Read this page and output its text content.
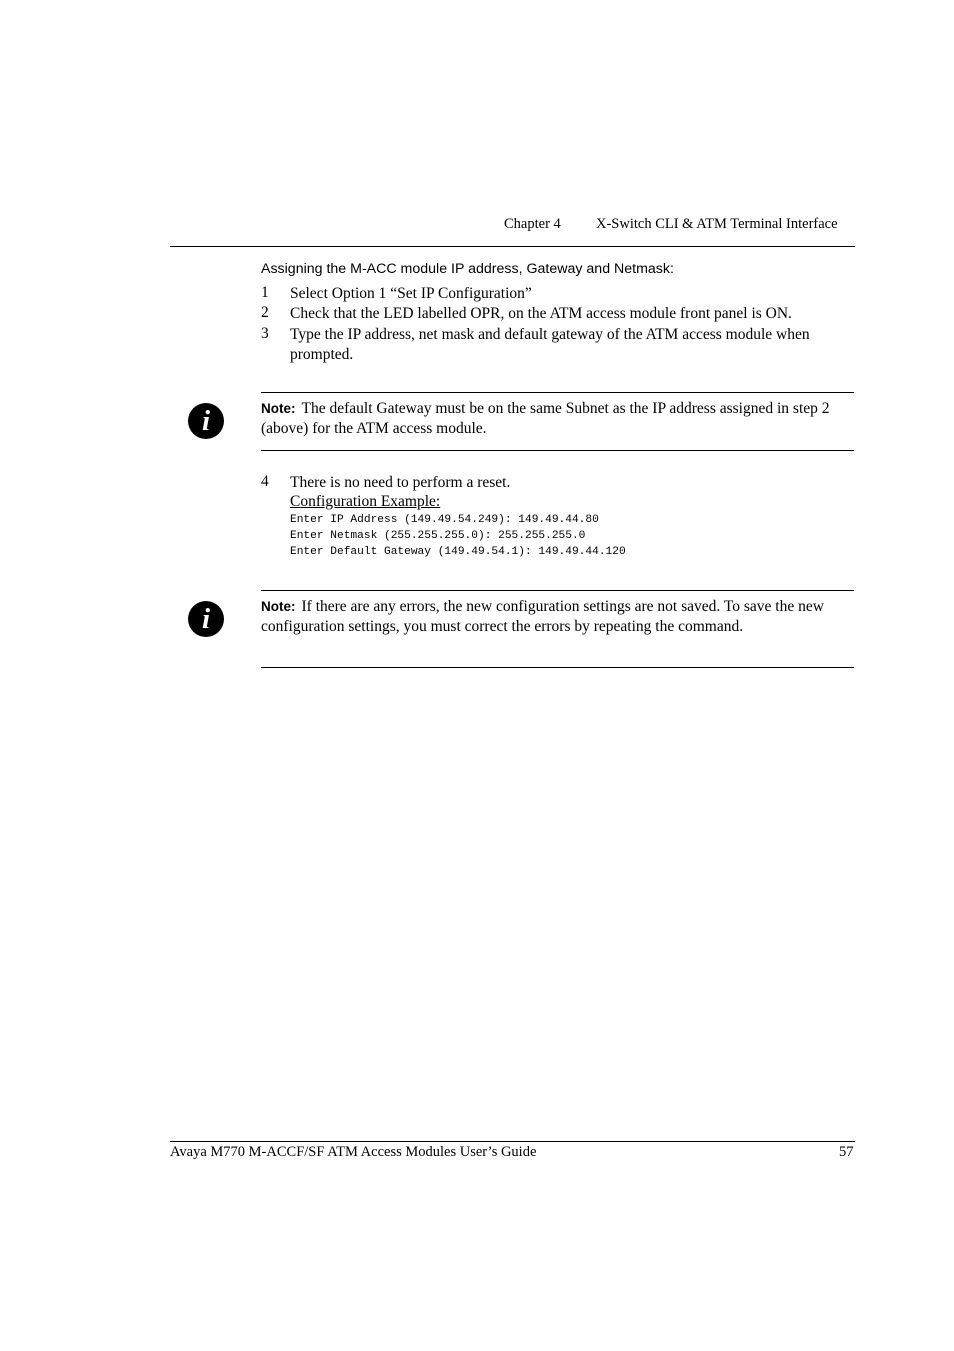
Chapter 4 X-Switch CLI & ATM Terminal Interface
Assigning the M-ACC module IP address, Gateway and Netmask:
1 Select Option 1 “Set IP Configuration”
2 Check that the LED labelled OPR, on the ATM access module front panel is ON.
3 Type the IP address, net mask and default gateway of the ATM access module when prompted.
i	Note: The default Gateway must be on the same Subnet as the IP address assigned in step 2 (above) for the ATM access module.
4 There is no need to perform a reset.
Configuration Example:
Enter IP Address (149.49.54.249): 149.49.44.80
Enter Netmask (255.255.255.0): 255.255.255.0
Enter Default Gateway (149.49.54.1): 149.49.44.120
i	Note: If there are any errors, the new configuration settings are not saved. To save the new configuration settings, you must correct the errors by repeating the command.
Avaya M770 M-ACCF/SF ATM Access Modules User’s Guide	57
